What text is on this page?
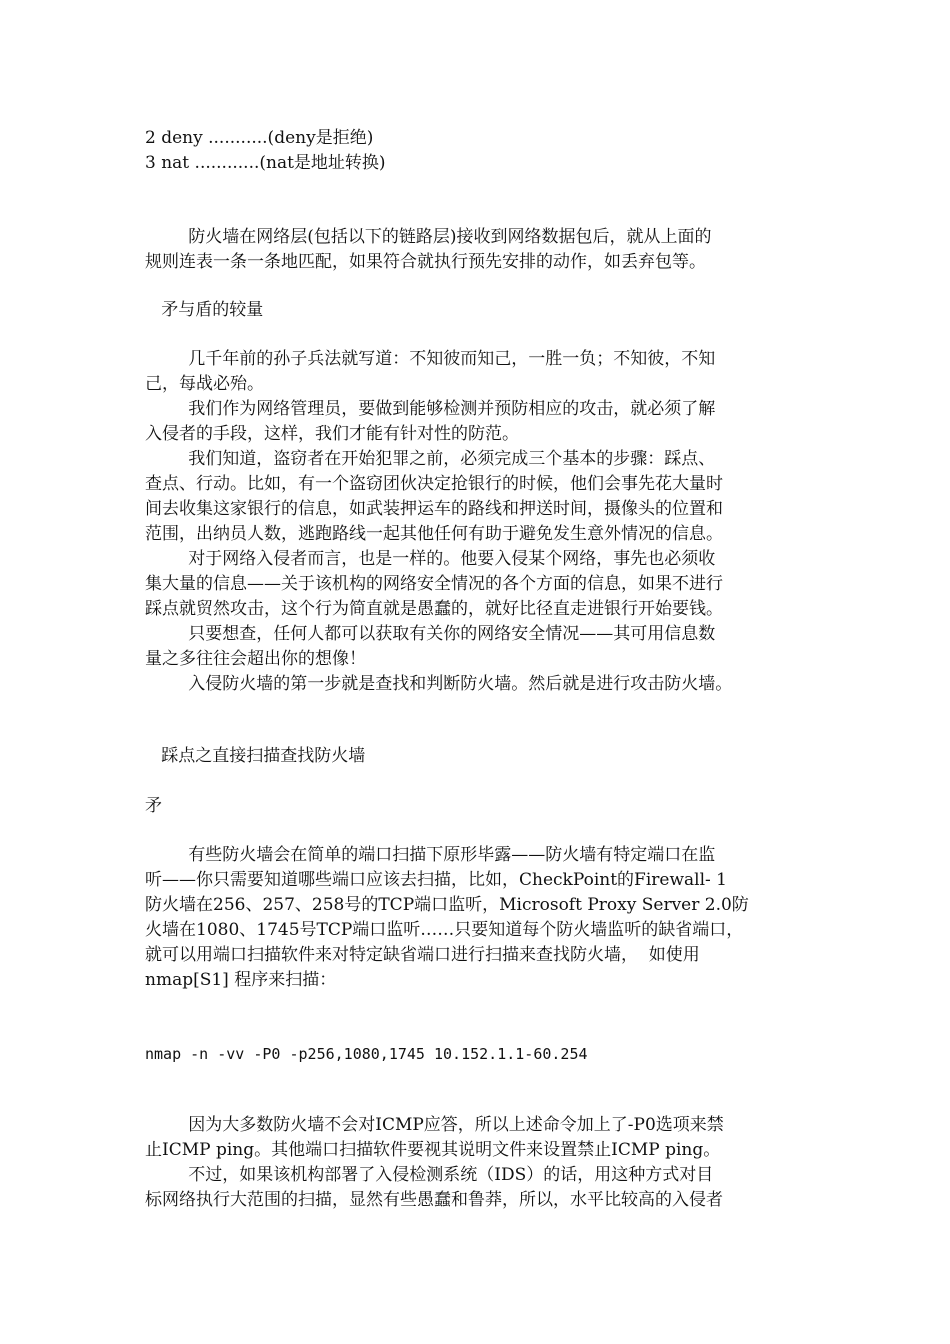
2 deny ...........(deny是拒绝)
3 nat ............(nat是地址转换)
防火墙在网络层(包括以下的链路层)接收到网络数据包后，就从上面的
规则连表一条一条地匹配，如果符合就执行预先安排的动作，如丢弃包等。
矛与盾的较量
几千年前的孙子兵法就写道：不知彼而知己，一胜一负；不知彼，不知
己，每战必殆。
我们作为网络管理员，要做到能够检测并预防相应的攻击，就必须了解
入侵者的手段，这样，我们才能有针对性的防范。
我们知道，盗窃者在开始犯罪之前，必须完成三个基本的步骤：踩点、
查点、行动。比如，有一个盗窃团伙决定抢银行的时候，他们会事先花大量时
间去收集这家银行的信息，如武装押运车的路线和押送时间，摄像头的位置和
范围，出纳员人数，逃跑路线一起其他任何有助于避免发生意外情况的信息。
对于网络入侵者而言，也是一样的。他要入侵某个网络，事先也必须收
集大量的信息——关于该机构的网络安全情况的各个方面的信息，如果不进行
踩点就贸然攻击，这个行为简直就是愚蠢的，就好比径直走进银行开始要钱。
只要想查，任何人都可以获取有关你的网络安全情况——其可用信息数
量之多往往会超出你的想像！
入侵防火墙的第一步就是查找和判断防火墙。然后就是进行攻击防火墙。
踩点之直接扫描查找防火墙
矛
有些防火墙会在简单的端口扫描下原形毕露——防火墙有特定端口在监
听——你只需要知道哪些端口应该去扫描，比如，CheckPoint的Firewall- 1
防火墙在256、257、258号的TCP端口监听，Microsoft Proxy Server 2.0防
火墙在1080、1745号TCP端口监听……只要知道每个防火墙监听的缺省端口，
就可以用端口扫描软件来对特定缺省端口进行扫描来查找防火墙，  如使用
nmap[S1] 程序来扫描：
nmap -n -vv -P0 -p256,1080,1745 10.152.1.1-60.254
因为大多数防火墙不会对ICMP应答，所以上述命令加上了-P0选项来禁
止ICMP ping。其他端口扫描软件要视其说明文件来设置禁止ICMP ping。
不过，如果该机构部署了入侵检测系统（IDS）的话，用这种方式对目
标网络执行大范围的扫描，显然有些愚蠢和鲁莽，所以，水平比较高的入侵者
